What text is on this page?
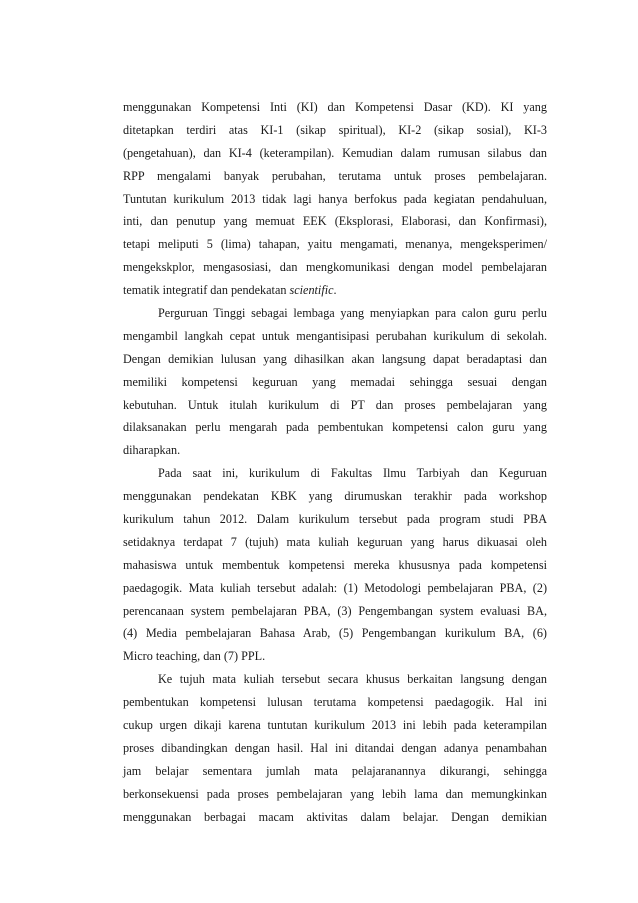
menggunakan Kompetensi Inti (KI) dan Kompetensi Dasar (KD). KI yang
ditetapkan terdiri atas KI-1 (sikap spiritual), KI-2 (sikap sosial), KI-3
(pengetahuan), dan KI-4 (keterampilan). Kemudian dalam rumusan silabus dan
RPP mengalami banyak perubahan, terutama untuk proses pembelajaran.
Tuntutan kurikulum 2013 tidak lagi hanya berfokus pada kegiatan pendahuluan,
inti, dan penutup yang memuat EEK (Eksplorasi, Elaborasi, dan Konfirmasi),
tetapi meliputi 5 (lima) tahapan, yaitu mengamati, menanya, mengeksperimen/
mengekskplor, mengasosiasi, dan mengkomunikasi dengan model pembelajaran
tematik integratif dan pendekatan scientific.
Perguruan Tinggi sebagai lembaga yang menyiapkan para calon guru perlu
mengambil langkah cepat untuk mengantisipasi perubahan kurikulum di sekolah.
Dengan demikian lulusan yang dihasilkan akan langsung dapat beradaptasi dan
memiliki kompetensi keguruan yang memadai sehingga sesuai dengan
kebutuhan. Untuk itulah kurikulum di PT dan proses pembelajaran yang
dilaksanakan perlu mengarah pada pembentukan kompetensi calon guru yang
diharapkan.
Pada saat ini, kurikulum di Fakultas Ilmu Tarbiyah dan Keguruan
menggunakan pendekatan KBK yang dirumuskan terakhir pada workshop
kurikulum tahun 2012. Dalam kurikulum tersebut pada program studi PBA
setidaknya terdapat 7 (tujuh) mata kuliah keguruan yang harus dikuasai oleh
mahasiswa untuk membentuk kompetensi mereka khususnya pada kompetensi
paedagogik. Mata kuliah tersebut adalah: (1) Metodologi pembelajaran PBA, (2)
perencanaan system pembelajaran PBA, (3) Pengembangan system evaluasi BA,
(4) Media pembelajaran Bahasa Arab, (5) Pengembangan kurikulum BA, (6)
Micro teaching, dan (7) PPL.
Ke tujuh mata kuliah tersebut secara khusus berkaitan langsung dengan
pembentukan kompetensi lulusan terutama kompetensi paedagogik. Hal ini
cukup urgen dikaji karena tuntutan kurikulum 2013 ini lebih pada keterampilan
proses dibandingkan dengan hasil. Hal ini ditandai dengan adanya penambahan
jam belajar sementara jumlah mata pelajaranannya dikurangi, sehingga
berkonsekuensi pada proses pembelajaran yang lebih lama dan memungkinkan
menggunakan berbagai macam aktivitas dalam belajar. Dengan demikian
